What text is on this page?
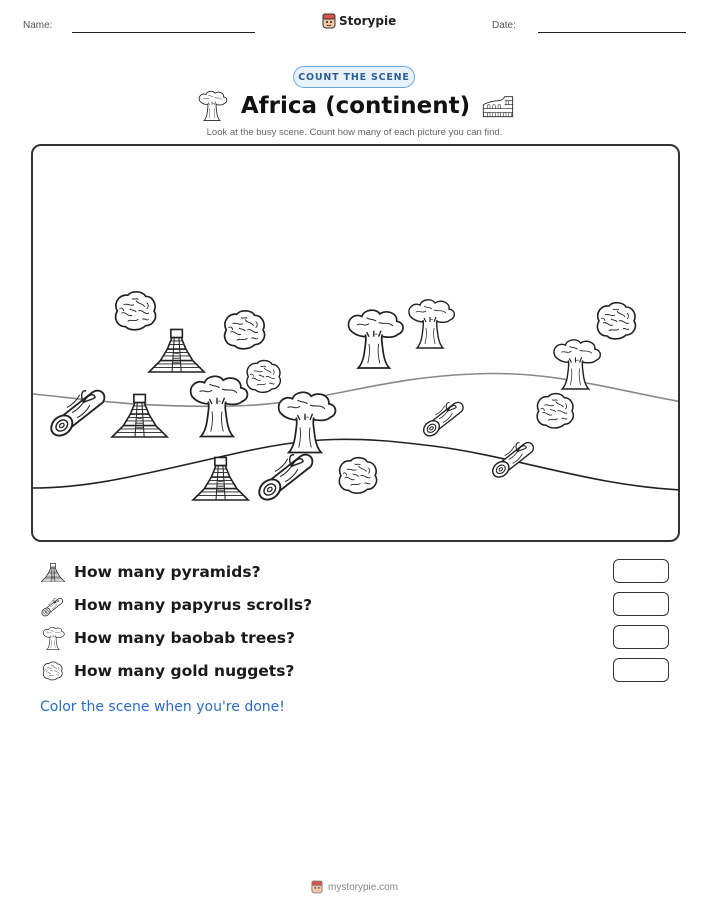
Name:	Storypie	Date:
COUNT THE SCENE
Africa (continent)
Look at the busy scene. Count how many of each picture you can find.
How many pyramids?
How many papyrus scrolls?
How many baobab trees?
How many gold nuggets?
Color the scene when you're done!
mystorypie.com
